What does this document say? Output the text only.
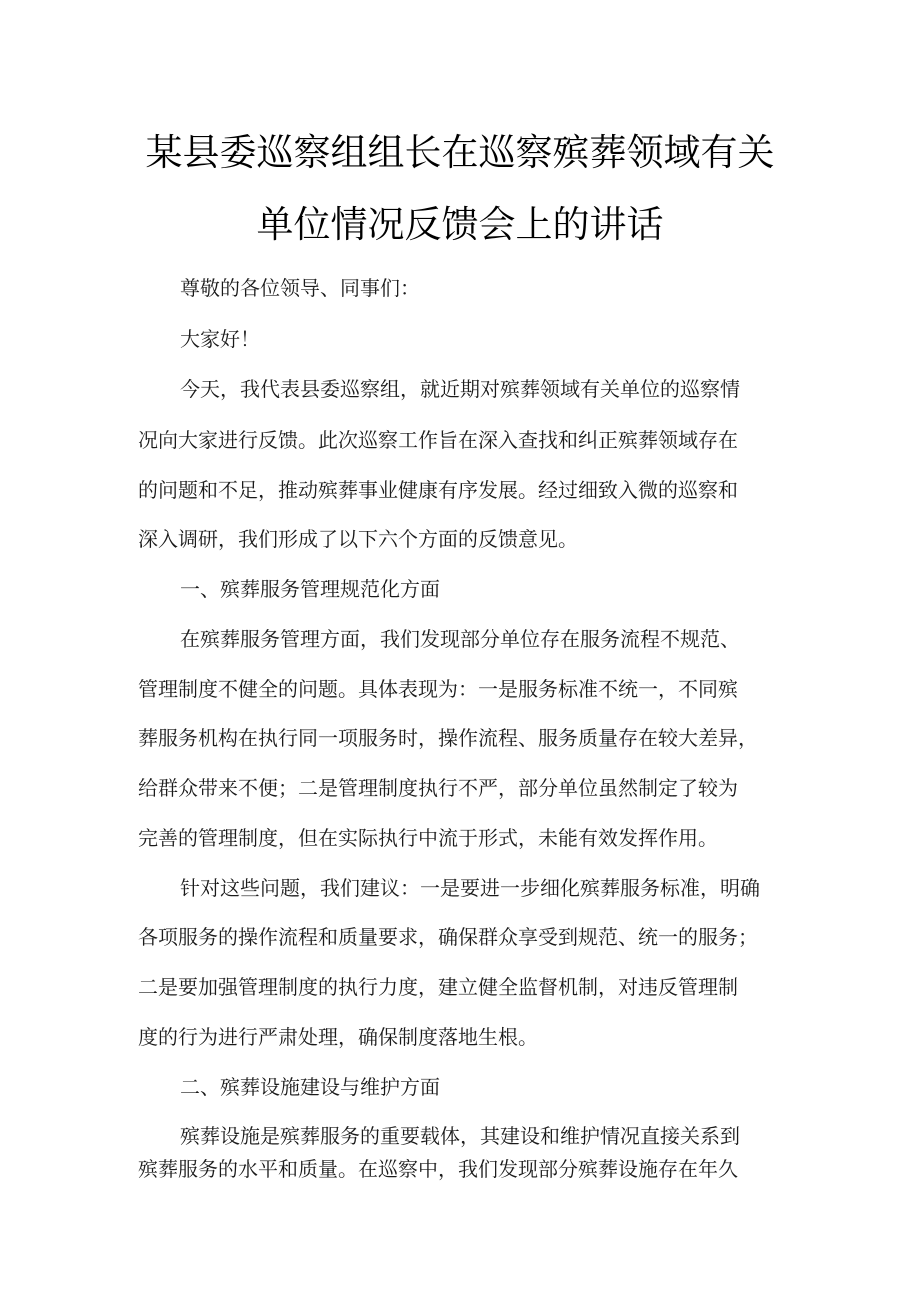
某县委巡察组组长在巡察殡葬领域有关
单位情况反馈会上的讲话
尊敬的各位领导、同事们：
大家好！
今天，我代表县委巡察组，就近期对殡葬领域有关单位的巡察情
况向大家进行反馈。此次巡察工作旨在深入查找和纠正殡葬领域存在
的问题和不足，推动殡葬事业健康有序发展。经过细致入微的巡察和
深入调研，我们形成了以下六个方面的反馈意见。
一、殡葬服务管理规范化方面
在殡葬服务管理方面，我们发现部分单位存在服务流程不规范、
管理制度不健全的问题。具体表现为：一是服务标准不统一，不同殡
葬服务机构在执行同一项服务时，操作流程、服务质量存在较大差异，
给群众带来不便；二是管理制度执行不严，部分单位虽然制定了较为
完善的管理制度，但在实际执行中流于形式，未能有效发挥作用。
针对这些问题，我们建议：一是要进一步细化殡葬服务标准，明确
各项服务的操作流程和质量要求，确保群众享受到规范、统一的服务；
二是要加强管理制度的执行力度，建立健全监督机制，对违反管理制
度的行为进行严肃处理，确保制度落地生根。
二、殡葬设施建设与维护方面
殡葬设施是殡葬服务的重要载体，其建设和维护情况直接关系到
殡葬服务的水平和质量。在巡察中，我们发现部分殡葬设施存在年久
